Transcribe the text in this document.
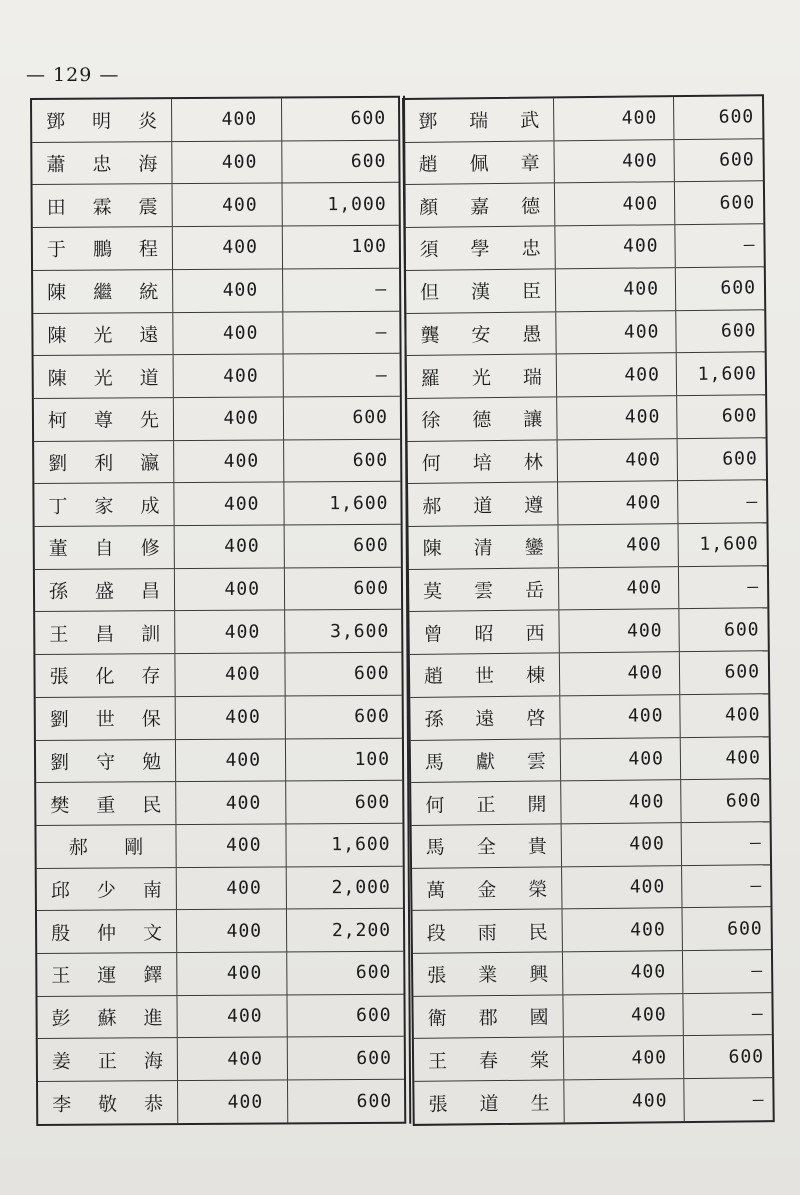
— 129 —
鄧 明 炎	400	600
蕭 忠 海	400	600
田 霖 震	400	1,000
于 鵬 程	400	100
陳 繼 統	400	—
陳 光 遠	400	—
陳 光 道	400	—
柯 尊 先	400	600
劉 利 瀛	400	600
丁 家 成	400	1,600
董 自 修	400	600
孫 盛 昌	400	600
王 昌 訓	400	3,600
張 化 存	400	600
劉 世 保	400	600
劉 守 勉	400	100
樊 重 民	400	600
郝 剛	400	1,600
邱 少 南	400	2,000
殷 仲 文	400	2,200
王 運 鐸	400	600
彭 蘇 進	400	600
姜 正 海	400	600
李 敬 恭	400	600
鄧 瑞 武	400	600
趙 佩 章	400	600
顏 嘉 德	400	600
須 學 忠	400	—
但 漢 臣	400	600
龔 安 愚	400	600
羅 光 瑞	400	1,600
徐 德 讓	400	600
何 培 林	400	600
郝 道 遵	400	—
陳 清 鑾	400	1,600
莫 雲 岳	400	—
曾 昭 西	400	600
趙 世 棟	400	600
孫 遠 啓	400	400
馬 獻 雲	400	400
何 正 開	400	600
馬 全 貴	400	—
萬 金 榮	400	—
段 雨 民	400	600
張 業 興	400	—
衛 郡 國	400	—
王 春 棠	400	600
張 道 生	400	—
